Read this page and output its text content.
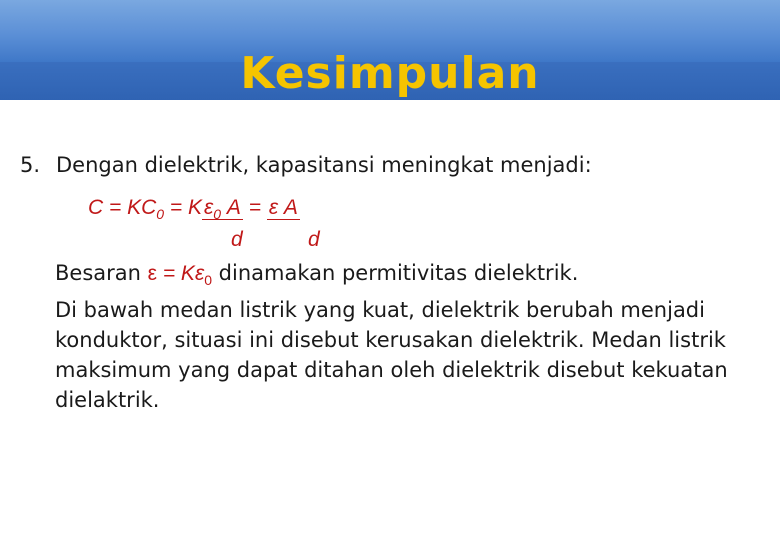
Kesimpulan
5. Dengan dielektrik, kapasitansi meningkat menjadi:
$C = KC_0 = K\varepsilon_0$ A = ε A
d	d
Besaran $\varepsilon = K\varepsilon_0$ dinamakan permitivitas dielektrik.
Di bawah medan listrik yang kuat, dielektrik berubah menjadi konduktor, situasi ini disebut kerusakan dielektrik. Medan listrik maksimum yang dapat ditahan oleh dielektrik disebut kekuatan dielaktrik.
